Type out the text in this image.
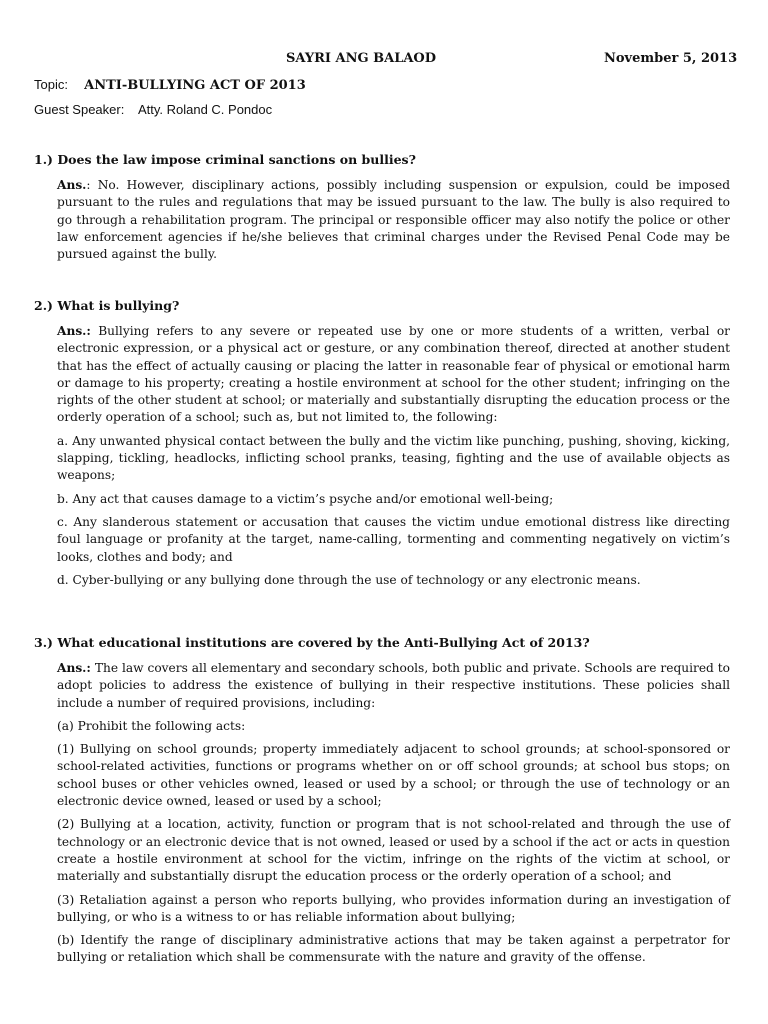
SAYRI ANG BALAOD	November 5, 2013
Topic: ANTI-BULLYING ACT OF 2013
Guest Speaker: Atty. Roland C. Pondoc
1.) Does the law impose criminal sanctions on bullies?

Ans.: No. However, disciplinary actions, possibly including suspension or expulsion, could be imposed pursuant to the rules and regulations that may be issued pursuant to the law. The bully is also required to go through a rehabilitation program. The principal or responsible officer may also notify the police or other law enforcement agencies if he/she believes that criminal charges under the Revised Penal Code may be pursued against the bully.

2.) What is bullying?

Ans.: Bullying refers to any severe or repeated use by one or more students of a written, verbal or electronic expression, or a physical act or gesture, or any combination thereof, directed at another student that has the effect of actually causing or placing the latter in reasonable fear of physical or emotional harm or damage to his property; creating a hostile environment at school for the other student; infringing on the rights of the other student at school; or materially and substantially disrupting the education process or the orderly operation of a school; such as, but not limited to, the following:

a. Any unwanted physical contact between the bully and the victim like punching, pushing, shoving, kicking, slapping, tickling, headlocks, inflicting school pranks, teasing, fighting and the use of available objects as weapons;

b. Any act that causes damage to a victim’s psyche and/or emotional well-being;

c. Any slanderous statement or accusation that causes the victim undue emotional distress like directing foul language or profanity at the target, name-calling, tormenting and commenting negatively on victim’s looks, clothes and body; and

d. Cyber-bullying or any bullying done through the use of technology or any electronic means.

3.) What educational institutions are covered by the Anti-Bullying Act of 2013?

Ans.: The law covers all elementary and secondary schools, both public and private. Schools are required to adopt policies to address the existence of bullying in their respective institutions. These policies shall include a number of required provisions, including:

(a) Prohibit the following acts:

(1) Bullying on school grounds; property immediately adjacent to school grounds; at school-sponsored or school-related activities, functions or programs whether on or off school grounds; at school bus stops; on school buses or other vehicles owned, leased or used by a school; or through the use of technology or an electronic device owned, leased or used by a school;

(2) Bullying at a location, activity, function or program that is not school-related and through the use of technology or an electronic device that is not owned, leased or used by a school if the act or acts in question create a hostile environment at school for the victim, infringe on the rights of the victim at school, or materially and substantially disrupt the education process or the orderly operation of a school; and

(3) Retaliation against a person who reports bullying, who provides information during an investigation of bullying, or who is a witness to or has reliable information about bullying;

(b) Identify the range of disciplinary administrative actions that may be taken against a perpetrator for bullying or retaliation which shall be commensurate with the nature and gravity of the offense.
